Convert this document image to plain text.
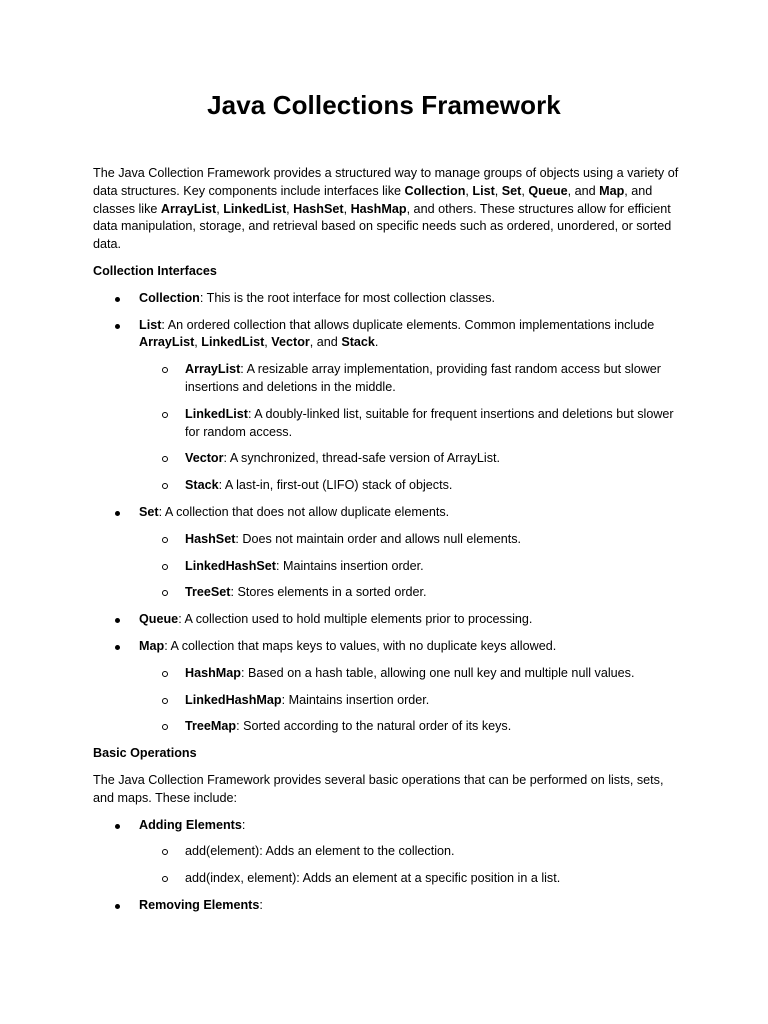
Java Collections Framework

The Java Collection Framework provides a structured way to manage groups of objects using a variety of data structures. Key components include interfaces like Collection, List, Set, Queue, and Map, and classes like ArrayList, LinkedList, HashSet, HashMap, and others. These structures allow for efficient data manipulation, storage, and retrieval based on specific needs such as ordered, unordered, or sorted data.

Collection Interfaces
Collection: This is the root interface for most collection classes.
List: An ordered collection that allows duplicate elements. Common implementations include ArrayList, LinkedList, Vector, and Stack.
ArrayList: A resizable array implementation, providing fast random access but slower insertions and deletions in the middle.
LinkedList: A doubly-linked list, suitable for frequent insertions and deletions but slower for random access.
Vector: A synchronized, thread-safe version of ArrayList.
Stack: A last-in, first-out (LIFO) stack of objects.
Set: A collection that does not allow duplicate elements.
HashSet: Does not maintain order and allows null elements.
LinkedHashSet: Maintains insertion order.
TreeSet: Stores elements in a sorted order.
Queue: A collection used to hold multiple elements prior to processing.
Map: A collection that maps keys to values, with no duplicate keys allowed.
HashMap: Based on a hash table, allowing one null key and multiple null values.
LinkedHashMap: Maintains insertion order.
TreeMap: Sorted according to the natural order of its keys.
Basic Operations

The Java Collection Framework provides several basic operations that can be performed on lists, sets, and maps. These include:

Adding Elements:
add(element): Adds an element to the collection.
add(index, element): Adds an element at a specific position in a list.
Removing Elements:
